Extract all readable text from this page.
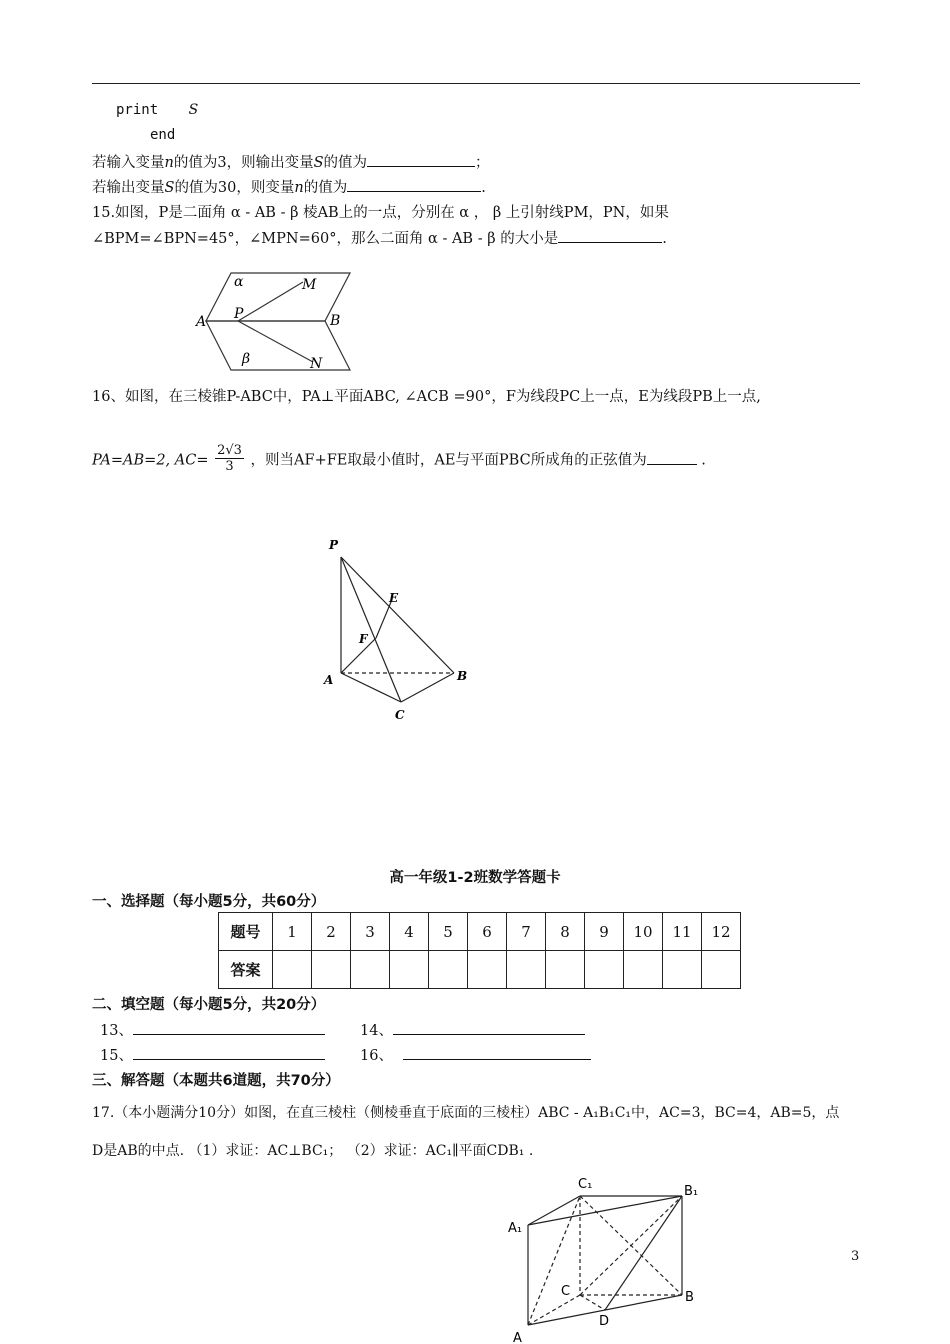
print S
end
若输入变量n的值为3，则输出变量S的值为	；
若输出变量S的值为30，则变量n的值为	.
15.如图，P是二面角 α - AB - β 棱AB上的一点，分别在 α ， β 上引射线PM，PN，如果
∠BPM=∠BPN=45°，∠MPN=60°，那么二面角 α - AB - β 的大小是	.
α	M
A P	B
β	N
16、如图，在三棱锥P-ABC中，PA⊥平面ABC, ∠ACB =90°，F为线段PC上一点，E为线段PB上一点,
PA=AB=2, $AC= \frac{2√3}{3}$ ，则当AF+FE取最小值时，AE与平面PBC所成角的正弦值为	.
P
E
F
A	B
C
高一年级1-2班数学答题卡
一、选择题（每小题5分，共60分）
题号	1	2	3	4	5	6	7	8	9	10	11	12
答案												
二、填空题（每小题5分，共20分）
13、	14、
15、	16、
三、解答题（本题共6道题，共70分）
17.（本小题满分10分）如图，在直三棱柱（侧棱垂直于底面的三棱柱）ABC - A₁B₁C₁中，AC=3，BC=4，AB=5，点
D是AB的中点. （1）求证：AC⊥BC₁； （2）求证：AC₁∥平面CDB₁ .
C₁	B₁
A₁
C	B
D
A
3
